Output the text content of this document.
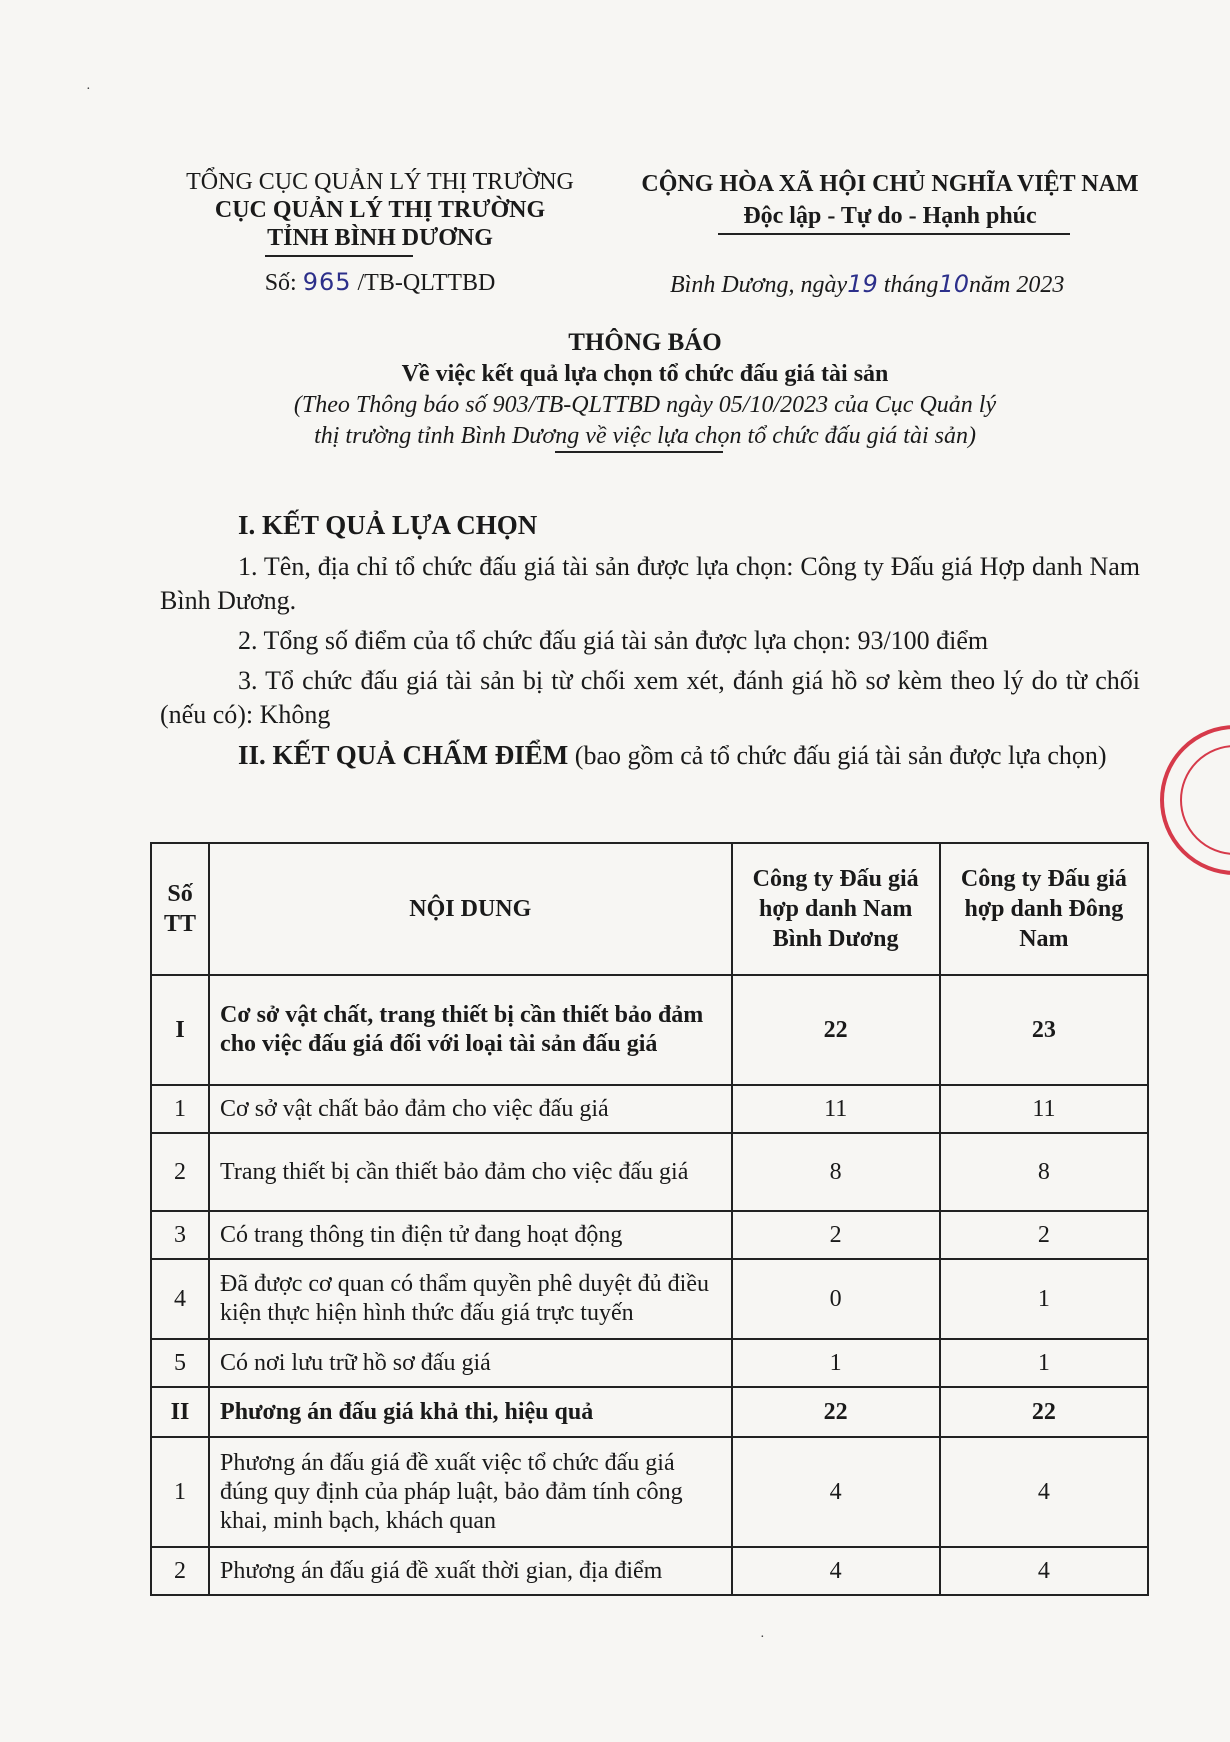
TỔNG CỤC QUẢN LÝ THỊ TRƯỜNG
CỤC QUẢN LÝ THỊ TRƯỜNG
TỈNH BÌNH DƯƠNG
Số: 965 /TB-QLTTBD
CỘNG HÒA XÃ HỘI CHỦ NGHĨA VIỆT NAM
Độc lập - Tự do - Hạnh phúc
Bình Dương, ngày19 tháng10năm 2023
THÔNG BÁO
Về việc kết quả lựa chọn tổ chức đấu giá tài sản
(Theo Thông báo số 903/TB-QLTTBD ngày 05/10/2023 của Cục Quản lý
thị trường tỉnh Bình Dương về việc lựa chọn tổ chức đấu giá tài sản)
I. KẾT QUẢ LỰA CHỌN

1. Tên, địa chỉ tổ chức đấu giá tài sản được lựa chọn: Công ty Đấu giá Hợp danh Nam Bình Dương.

2. Tổng số điểm của tổ chức đấu giá tài sản được lựa chọn: 93/100 điểm

3. Tổ chức đấu giá tài sản bị từ chối xem xét, đánh giá hồ sơ kèm theo lý do từ chối (nếu có): Không

II. KẾT QUẢ CHẤM ĐIỂM (bao gồm cả tổ chức đấu giá tài sản được lựa chọn)

Số TT	NỘI DUNG	Công ty Đấu giá hợp danh Nam Bình Dương	Công ty Đấu giá hợp danh Đông Nam
I	Cơ sở vật chất, trang thiết bị cần thiết bảo đảm cho việc đấu giá đối với loại tài sản đấu giá	22	23
1	Cơ sở vật chất bảo đảm cho việc đấu giá	11	11
2	Trang thiết bị cần thiết bảo đảm cho việc đấu giá	8	8
3	Có trang thông tin điện tử đang hoạt động	2	2
4	Đã được cơ quan có thẩm quyền phê duyệt đủ điều kiện thực hiện hình thức đấu giá trực tuyến	0	1
5	Có nơi lưu trữ hồ sơ đấu giá	1	1
II	Phương án đấu giá khả thi, hiệu quả	22	22
1	Phương án đấu giá đề xuất việc tổ chức đấu giá đúng quy định của pháp luật, bảo đảm tính công khai, minh bạch, khách quan	4	4
2	Phương án đấu giá đề xuất thời gian, địa điểm	4	4
·
·
